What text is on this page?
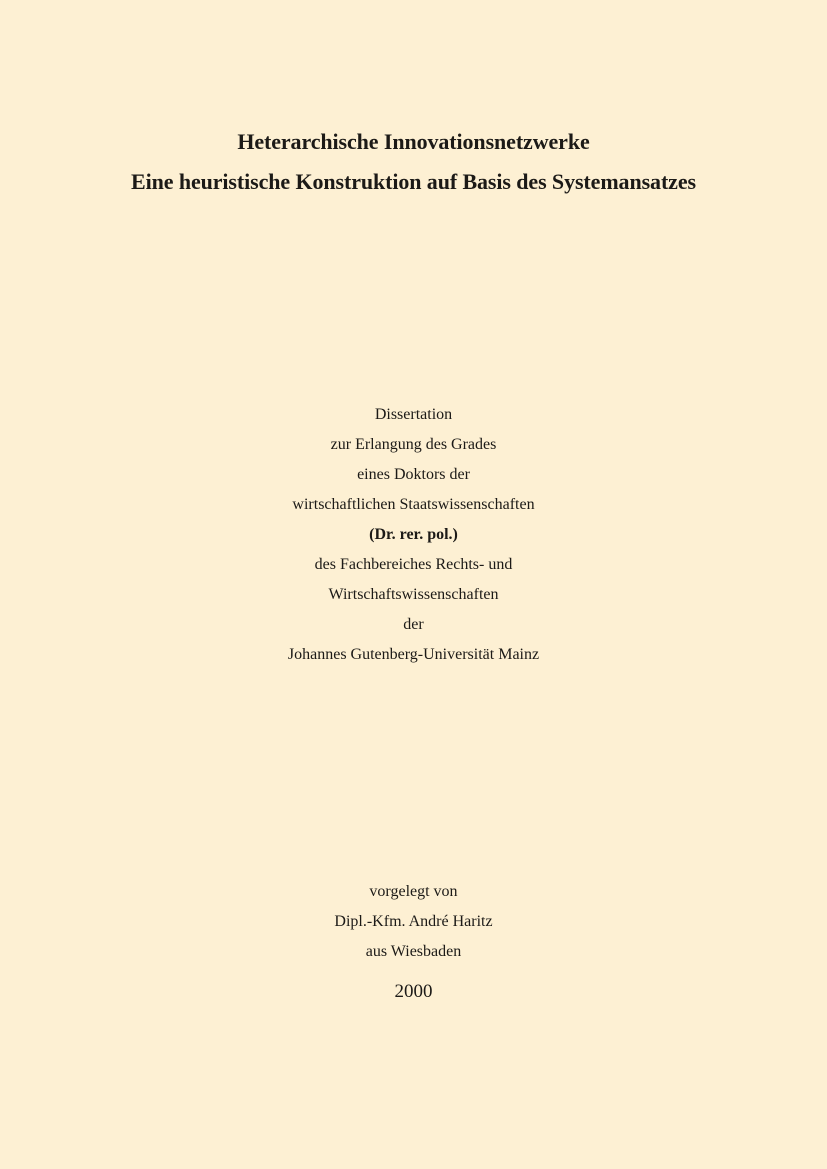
Heterarchische Innovationsnetzwerke
Eine heuristische Konstruktion auf Basis des Systemansatzes
Dissertation
zur Erlangung des Grades
eines Doktors der
wirtschaftlichen Staatswissenschaften
(Dr. rer. pol.)
des Fachbereiches Rechts- und
Wirtschaftswissenschaften
der
Johannes Gutenberg-Universität Mainz
vorgelegt von
Dipl.-Kfm. André Haritz
aus Wiesbaden
2000
